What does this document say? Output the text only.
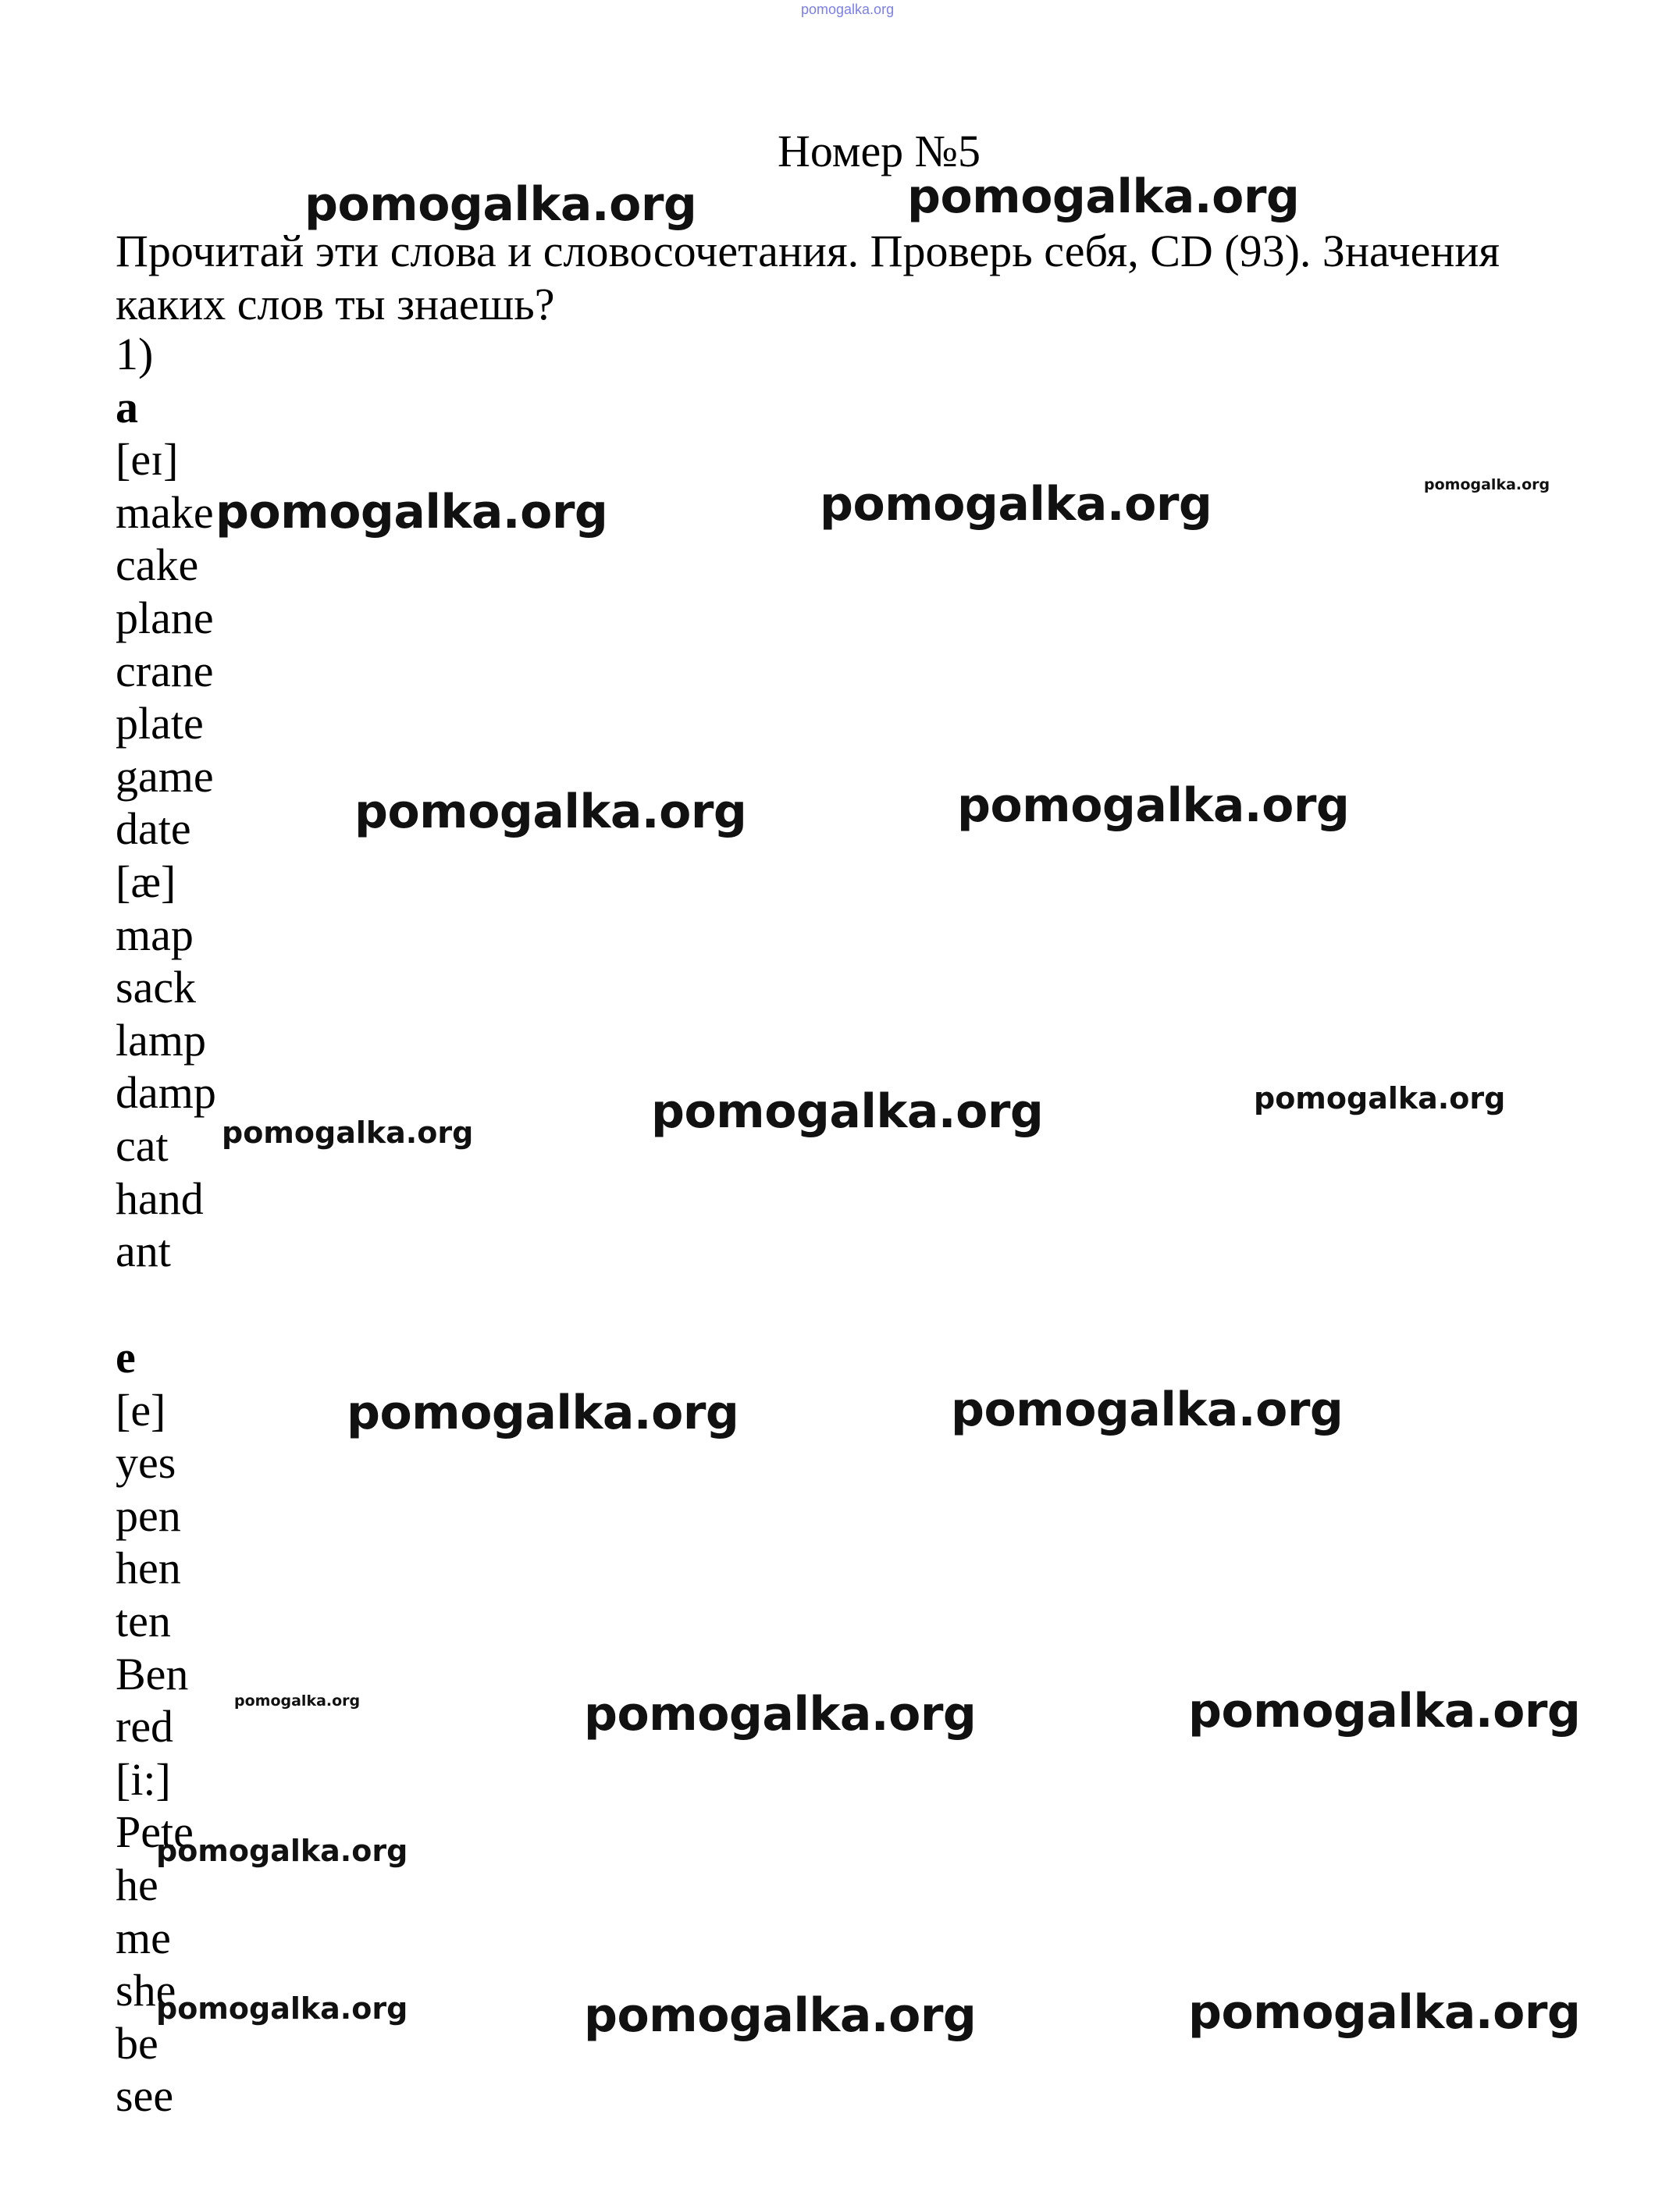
pomogalka.org
Номер №5
Прочитай эти слова и словосочетания. Проверь себя, CD (93). Значения каких слов ты знаешь?
1)
a
[eɪ]
make
cake
plane
crane
plate
game
date
[æ]
map
sack
lamp
damp
cat
hand
ant
e
[e]
yes
pen
hen
ten
Ben
red
[i:]
Pete
he
me
she
be
see
pomogalka.org	pomogalka.org
pomogalka.org	pomogalka.org	pomogalka.org
pomogalka.org	pomogalka.org
pomogalka.org	pomogalka.org
pomogalka.org
pomogalka.org	pomogalka.org
pomogalka.org	pomogalka.org	pomogalka.org
pomogalka.org
pomogalka.org	pomogalka.org	pomogalka.org
